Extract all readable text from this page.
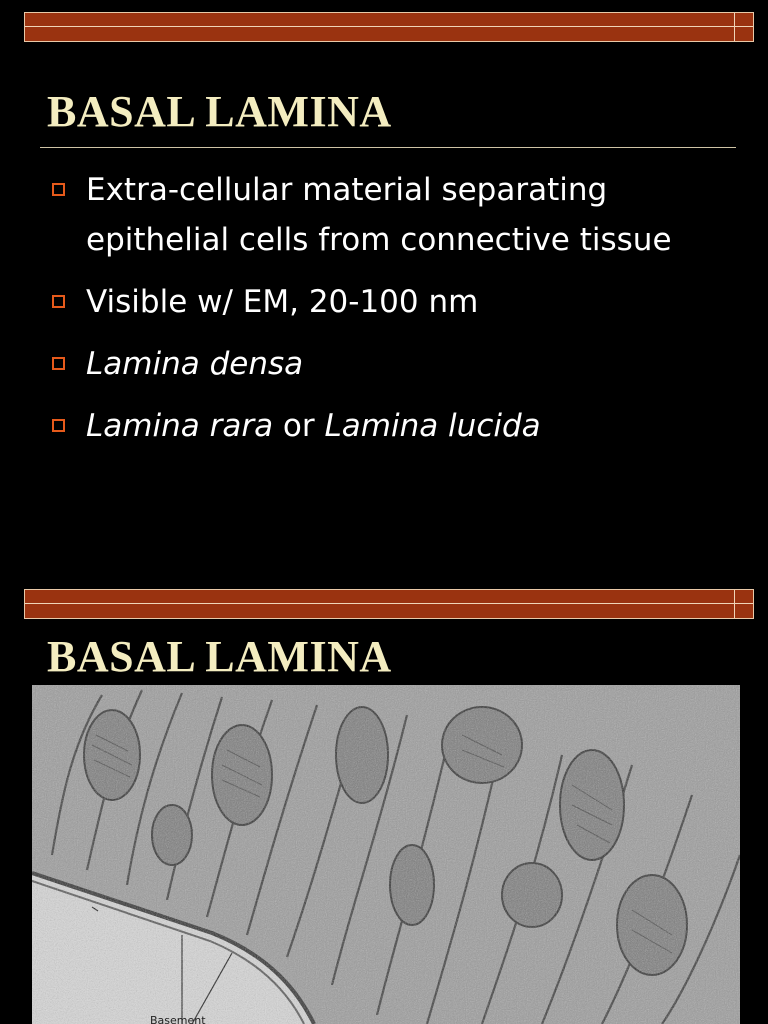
BASAL LAMINA
Extra-cellular material separating epithelial cells from connective tissue
Visible w/ EM, 20-100 nm
Lamina densa
Lamina rara or Lamina lucida
BASAL LAMINA
Basement
